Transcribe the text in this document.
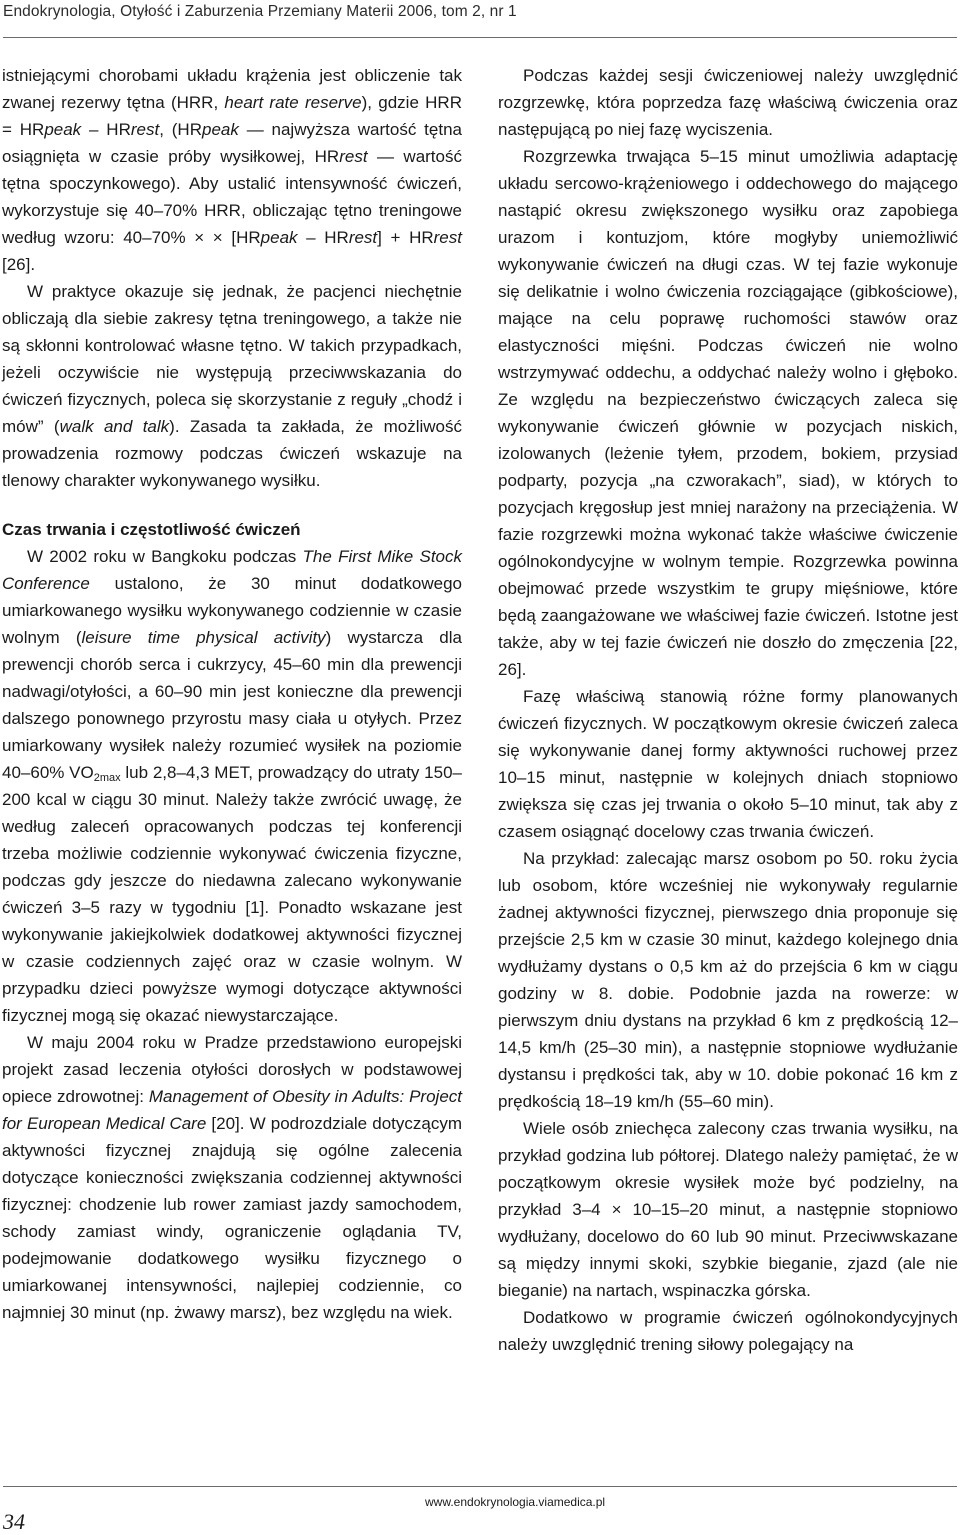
Endokrynologia, Otyłość i Zaburzenia Przemiany Materii 2006, tom 2, nr 1

istniejącymi chorobami układu krążenia jest obliczenie tak zwanej rezerwy tętna (HRR, heart rate reserve), gdzie HRR = HRpeak – HRrest, (HRpeak — najwyższa wartość tętna osiągnięta w czasie próby wysiłkowej, HRrest — wartość tętna spoczynkowego). Aby ustalić intensywność ćwiczeń, wykorzystuje się 40–70% HRR, obliczając tętno treningowe według wzoru: 40–70% × × [HRpeak – HRrest] + HRrest [26].

W praktyce okazuje się jednak, że pacjenci niechętnie obliczają dla siebie zakresy tętna treningowego, a także nie są skłonni kontrolować własne tętno. W takich przypadkach, jeżeli oczywiście nie występują przeciwwskazania do ćwiczeń fizycznych, poleca się skorzystanie z reguły „chodź i mów” (walk and talk). Zasada ta zakłada, że możliwość prowadzenia rozmowy podczas ćwiczeń wskazuje na tlenowy charakter wykonywanego wysiłku.

Czas trwania i częstotliwość ćwiczeń

W 2002 roku w Bangkoku podczas The First Mike Stock Conference ustalono, że 30 minut dodatkowego umiarkowanego wysiłku wykonywanego codziennie w czasie wolnym (leisure time physical activity) wystarcza dla prewencji chorób serca i cukrzycy, 45–60 min dla prewencji nadwagi/otyłości, a 60–90 min jest konieczne dla prewencji dalszego ponownego przyrostu masy ciała u otyłych. Przez umiarkowany wysiłek należy rozumieć wysiłek na poziomie 40–60% $VO_{2max}$ lub 2,8–4,3 MET, prowadzący do utraty 150–200 kcal w ciągu 30 minut. Należy także zwrócić uwagę, że według zaleceń opracowanych podczas tej konferencji trzeba możliwie codziennie wykonywać ćwiczenia fizyczne, podczas gdy jeszcze do niedawna zalecano wykonywanie ćwiczeń 3–5 razy w tygodniu [1]. Ponadto wskazane jest wykonywanie jakiejkolwiek dodatkowej aktywności fizycznej w czasie codziennych zajęć oraz w czasie wolnym. W przypadku dzieci powyższe wymogi dotyczące aktywności fizycznej mogą się okazać niewystarczające.

W maju 2004 roku w Pradze przedstawiono europejski projekt zasad leczenia otyłości dorosłych w podstawowej opiece zdrowotnej: Management of Obesity in Adults: Project for European Medical Care [20]. W podrozdziale dotyczącym aktywności fizycznej znajdują się ogólne zalecenia dotyczące konieczności zwiększania codziennej aktywności fizycznej: chodzenie lub rower zamiast jazdy samochodem, schody zamiast windy, ograniczenie oglądania TV, podejmowanie dodatkowego wysiłku fizycznego o umiarkowanej intensywności, najlepiej codziennie, co najmniej 30 minut (np. żwawy marsz), bez względu na wiek.

Podczas każdej sesji ćwiczeniowej należy uwzględnić rozgrzewkę, która poprzedza fazę właściwą ćwiczenia oraz następującą po niej fazę wyciszenia.

Rozgrzewka trwająca 5–15 minut umożliwia adaptację układu sercowo-krążeniowego i oddechowego do mającego nastąpić okresu zwiększonego wysiłku oraz zapobiega urazom i kontuzjom, które mogłyby uniemożliwić wykonywanie ćwiczeń na długi czas. W tej fazie wykonuje się delikatnie i wolno ćwiczenia rozciągające (gibkościowe), mające na celu poprawę ruchomości stawów oraz elastyczności mięśni. Podczas ćwiczeń nie wolno wstrzymywać oddechu, a oddychać należy wolno i głęboko. Ze względu na bezpieczeństwo ćwiczących zaleca się wykonywanie ćwiczeń głównie w pozycjach niskich, izolowanych (leżenie tyłem, przodem, bokiem, przysiad podparty, pozycja „na czworakach”, siad), w których to pozycjach kręgosłup jest mniej narażony na przeciążenia. W fazie rozgrzewki można wykonać także właściwe ćwiczenie ogólnokondycyjne w wolnym tempie. Rozgrzewka powinna obejmować przede wszystkim te grupy mięśniowe, które będą zaangażowane we właściwej fazie ćwiczeń. Istotne jest także, aby w tej fazie ćwiczeń nie doszło do zmęczenia [22, 26].

Fazę właściwą stanowią różne formy planowanych ćwiczeń fizycznych. W początkowym okresie ćwiczeń zaleca się wykonywanie danej formy aktywności ruchowej przez 10–15 minut, następnie w kolejnych dniach stopniowo zwiększa się czas jej trwania o około 5–10 minut, tak aby z czasem osiągnąć docelowy czas trwania ćwiczeń.

Na przykład: zalecając marsz osobom po 50. roku życia lub osobom, które wcześniej nie wykonywały regularnie żadnej aktywności fizycznej, pierwszego dnia proponuje się przejście 2,5 km w czasie 30 minut, każdego kolejnego dnia wydłużamy dystans o 0,5 km aż do przejścia 6 km w ciągu godziny w 8. dobie. Podobnie jazda na rowerze: w pierwszym dniu dystans na przykład 6 km z prędkością 12–14,5 km/h (25–30 min), a następnie stopniowe wydłużanie dystansu i prędkości tak, aby w 10. dobie pokonać 16 km z prędkością 18–19 km/h (55–60 min).

Wiele osób zniechęca zalecony czas trwania wysiłku, na przykład godzina lub półtorej. Dlatego należy pamiętać, że w początkowym okresie wysiłek może być podzielny, na przykład 3–4 × 10–15–20 minut, a następnie stopniowo wydłużany, docelowo do 60 lub 90 minut. Przeciwwskazane są między innymi skoki, szybkie bieganie, zjazd (ale nie bieganie) na nartach, wspinaczka górska.

Dodatkowo w programie ćwiczeń ogólnokondycyjnych należy uwzględnić trening siłowy polegający na

www.endokrynologia.viamedica.pl
34
